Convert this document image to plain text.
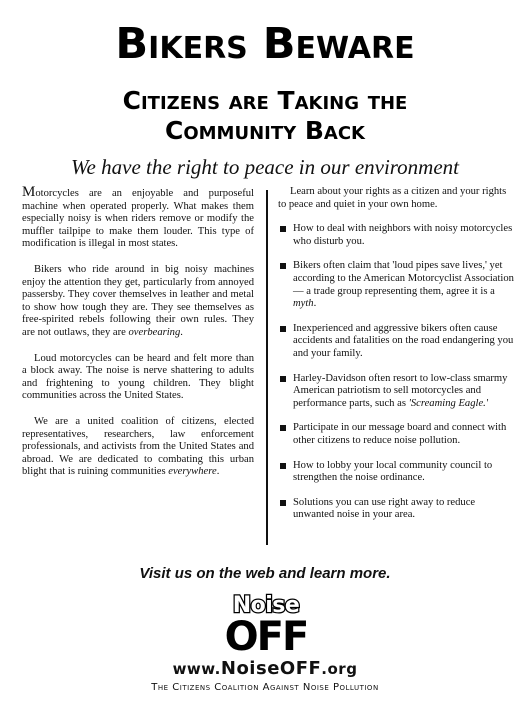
Bikers Beware
Citizens are Taking the
Community Back
We have the right to peace in our environment

Motorcycles are an enjoyable and purposeful machine when operated properly. What makes them especially noisy is when riders remove or modify the muffler tailpipe to make them louder. This type of modification is illegal in most states.

Bikers who ride around in big noisy machines enjoy the attention they get, particularly from annoyed passersby. They cover themselves in leather and metal to show how tough they are. They see themselves as free-spirited rebels following their own rules. They are not outlaws, they are overbearing.

Loud motorcycles can be heard and felt more than a block away. The noise is nerve shattering to adults and frightening to young children. They blight communities across the United States.

We are a united coalition of citizens, elected representatives, researchers, law enforcement professionals, and activists from the United States and abroad. We are dedicated to combating this urban blight that is ruining communities everywhere.

Learn about your rights as a citizen and your rights to peace and quiet in your own home.

How to deal with neighbors with noisy motorcycles who disturb you.
Bikers often claim that 'loud pipes save lives,' yet according to the American Motorcyclist Association — a trade group representing them, agree it is a myth.
Inexperienced and aggressive bikers often cause accidents and fatalities on the road endangering you and your family.
Harley-Davidson often resort to low-class smarmy American patriotism to sell motorcycles and performance parts, such as 'Screaming Eagle.'
Participate in our message board and connect with other citizens to reduce noise pollution.
How to lobby your local community council to strengthen the noise ordinance.
Solutions you can use right away to reduce unwanted noise in your area.
Visit us on the web and learn more.
Noise
OFF
www.NoiseOFF.org
The Citizens Coalition Against Noise Pollution
